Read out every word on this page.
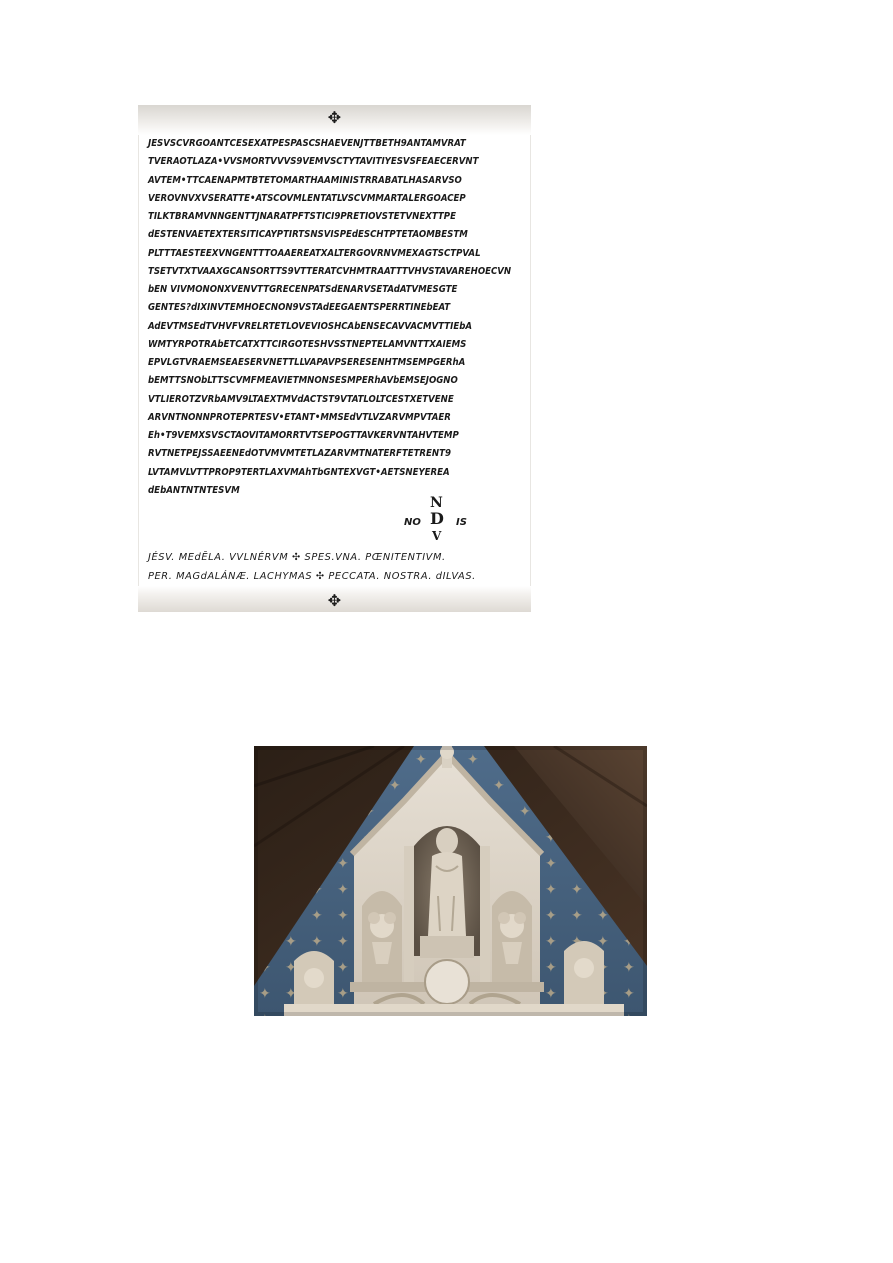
✥
JESVSCVRGOANTCESEXATPESPASCSHAEVENJTTBETH9ANTAMVRAT
TVERAOTLAZA•VVSMORTVVVS9VEMVSCTYTAVITIYESVSFEAECERVNT
AVTEM•TTCAENAPMTBTETOMARTHAAMINISTRRABATLHASARVSO
VEROVNVXVSERATTE•ATSCOVMLENTATLVSCVMMARTALERGOACEP
TILKTBRAMVNNGENTTJNARATPFTSTICI9PRETIOVSTETVNEXTTPE
dESTENVAETEXTERSITICAYPTIRTSNSVISPEdESCHTPTETAOMBESTM
PLTTTAESTEEXVNGENTTTOAAEREATXALTERGOVRNVMEXAGTSCTPVAL
TSETVTXTVAAXGCANSORTTS9VTTERATCVHMTRAATTTVHVSTAVAREHOECVN
bEN VIVMONONXVENVTTGRECENPATSdENARVSETAdATVMESGTE
GENTES?dIXINVTEMHOECNON9VSTAdEEGAENTSPERRTINEbEAT
AdEVTMSEdTVHVFVRELRTETLOVEVIOSHCAbENSECAVVACMVTTIEbA
WMTYRPOTRAbETCATXTTCIRGOTESHVSSTNEPTELAMVNTTXAIEMS
EPVLGTVRAEMSEAESERVNETTLLVAPAVPSERESENHTMSEMPGERhA
bEMTTSNObLTTSCVMFMEAVIETMNONSESMPERhAVbEMSEJOGNO
VTLIEROTZVRbAMV9LTAEXTMVdACTST9VTATLOLTCESTXETVENE
ARVNTNONNPROTEPRTESV•ETANT•MMSEdVTLVZARVMPVTAER
Eh•T9VEMXSVSCTAOVITAMORRTVTSEPOGTTAVKERVNTAHVTEMP
RVTNETPEJSSAEENEdOTVMVMTETLAZARVMTNATERFTETRENT9
LVTAMVLVTTPROP9TERTLAXVMAhTbGNTEXVGT•AETSNEYEREA
dEbANTNTNTESVM
N
NO D IS
V
JÉSV. MEdĒLA. VVLNÉRVM ✣ SPES.VNA. PŒNITENTIVM.
PER. MAGdALÁNÆ. LACHYMAS ✣ PECCATA. NOSTRA. dILVAS.
✥
